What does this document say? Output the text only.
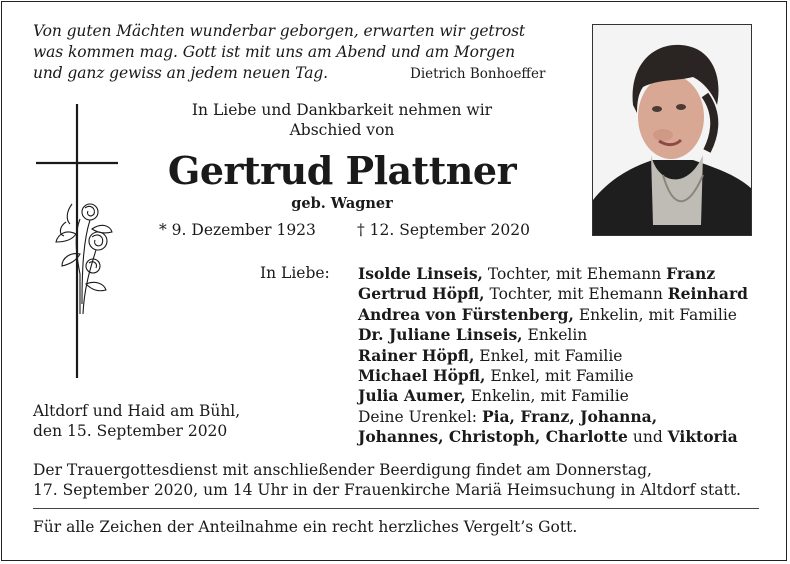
Von guten Mächten wunderbar geborgen, erwarten wir getrost
was kommen mag. Gott ist mit uns am Abend und am Morgen
und ganz gewiss an jedem neuen Tag.	Dietrich Bonhoeffer
In Liebe und Dankbarkeit nehmen wir
Abschied von
Gertrud Plattner
geb. Wagner
* 9. Dezember 1923	† 12. September 2020
In Liebe: Isolde Linseis, Tochter, mit Ehemann Franz
Gertrud Höpfl, Tochter, mit Ehemann Reinhard
Andrea von Fürstenberg, Enkelin, mit Familie
Dr. Juliane Linseis, Enkelin
Rainer Höpfl, Enkel, mit Familie
Michael Höpfl, Enkel, mit Familie
Julia Aumer, Enkelin, mit Familie
Deine Urenkel: Pia, Franz, Johanna,
Johannes, Christoph, Charlotte und Viktoria
Altdorf und Haid am Bühl,
den 15. September 2020
Der Trauergottesdienst mit anschließender Beerdigung findet am Donnerstag,
17. September 2020, um 14 Uhr in der Frauenkirche Mariä Heimsuchung in Altdorf statt.
Für alle Zeichen der Anteilnahme ein recht herzliches Vergelt’s Gott.
